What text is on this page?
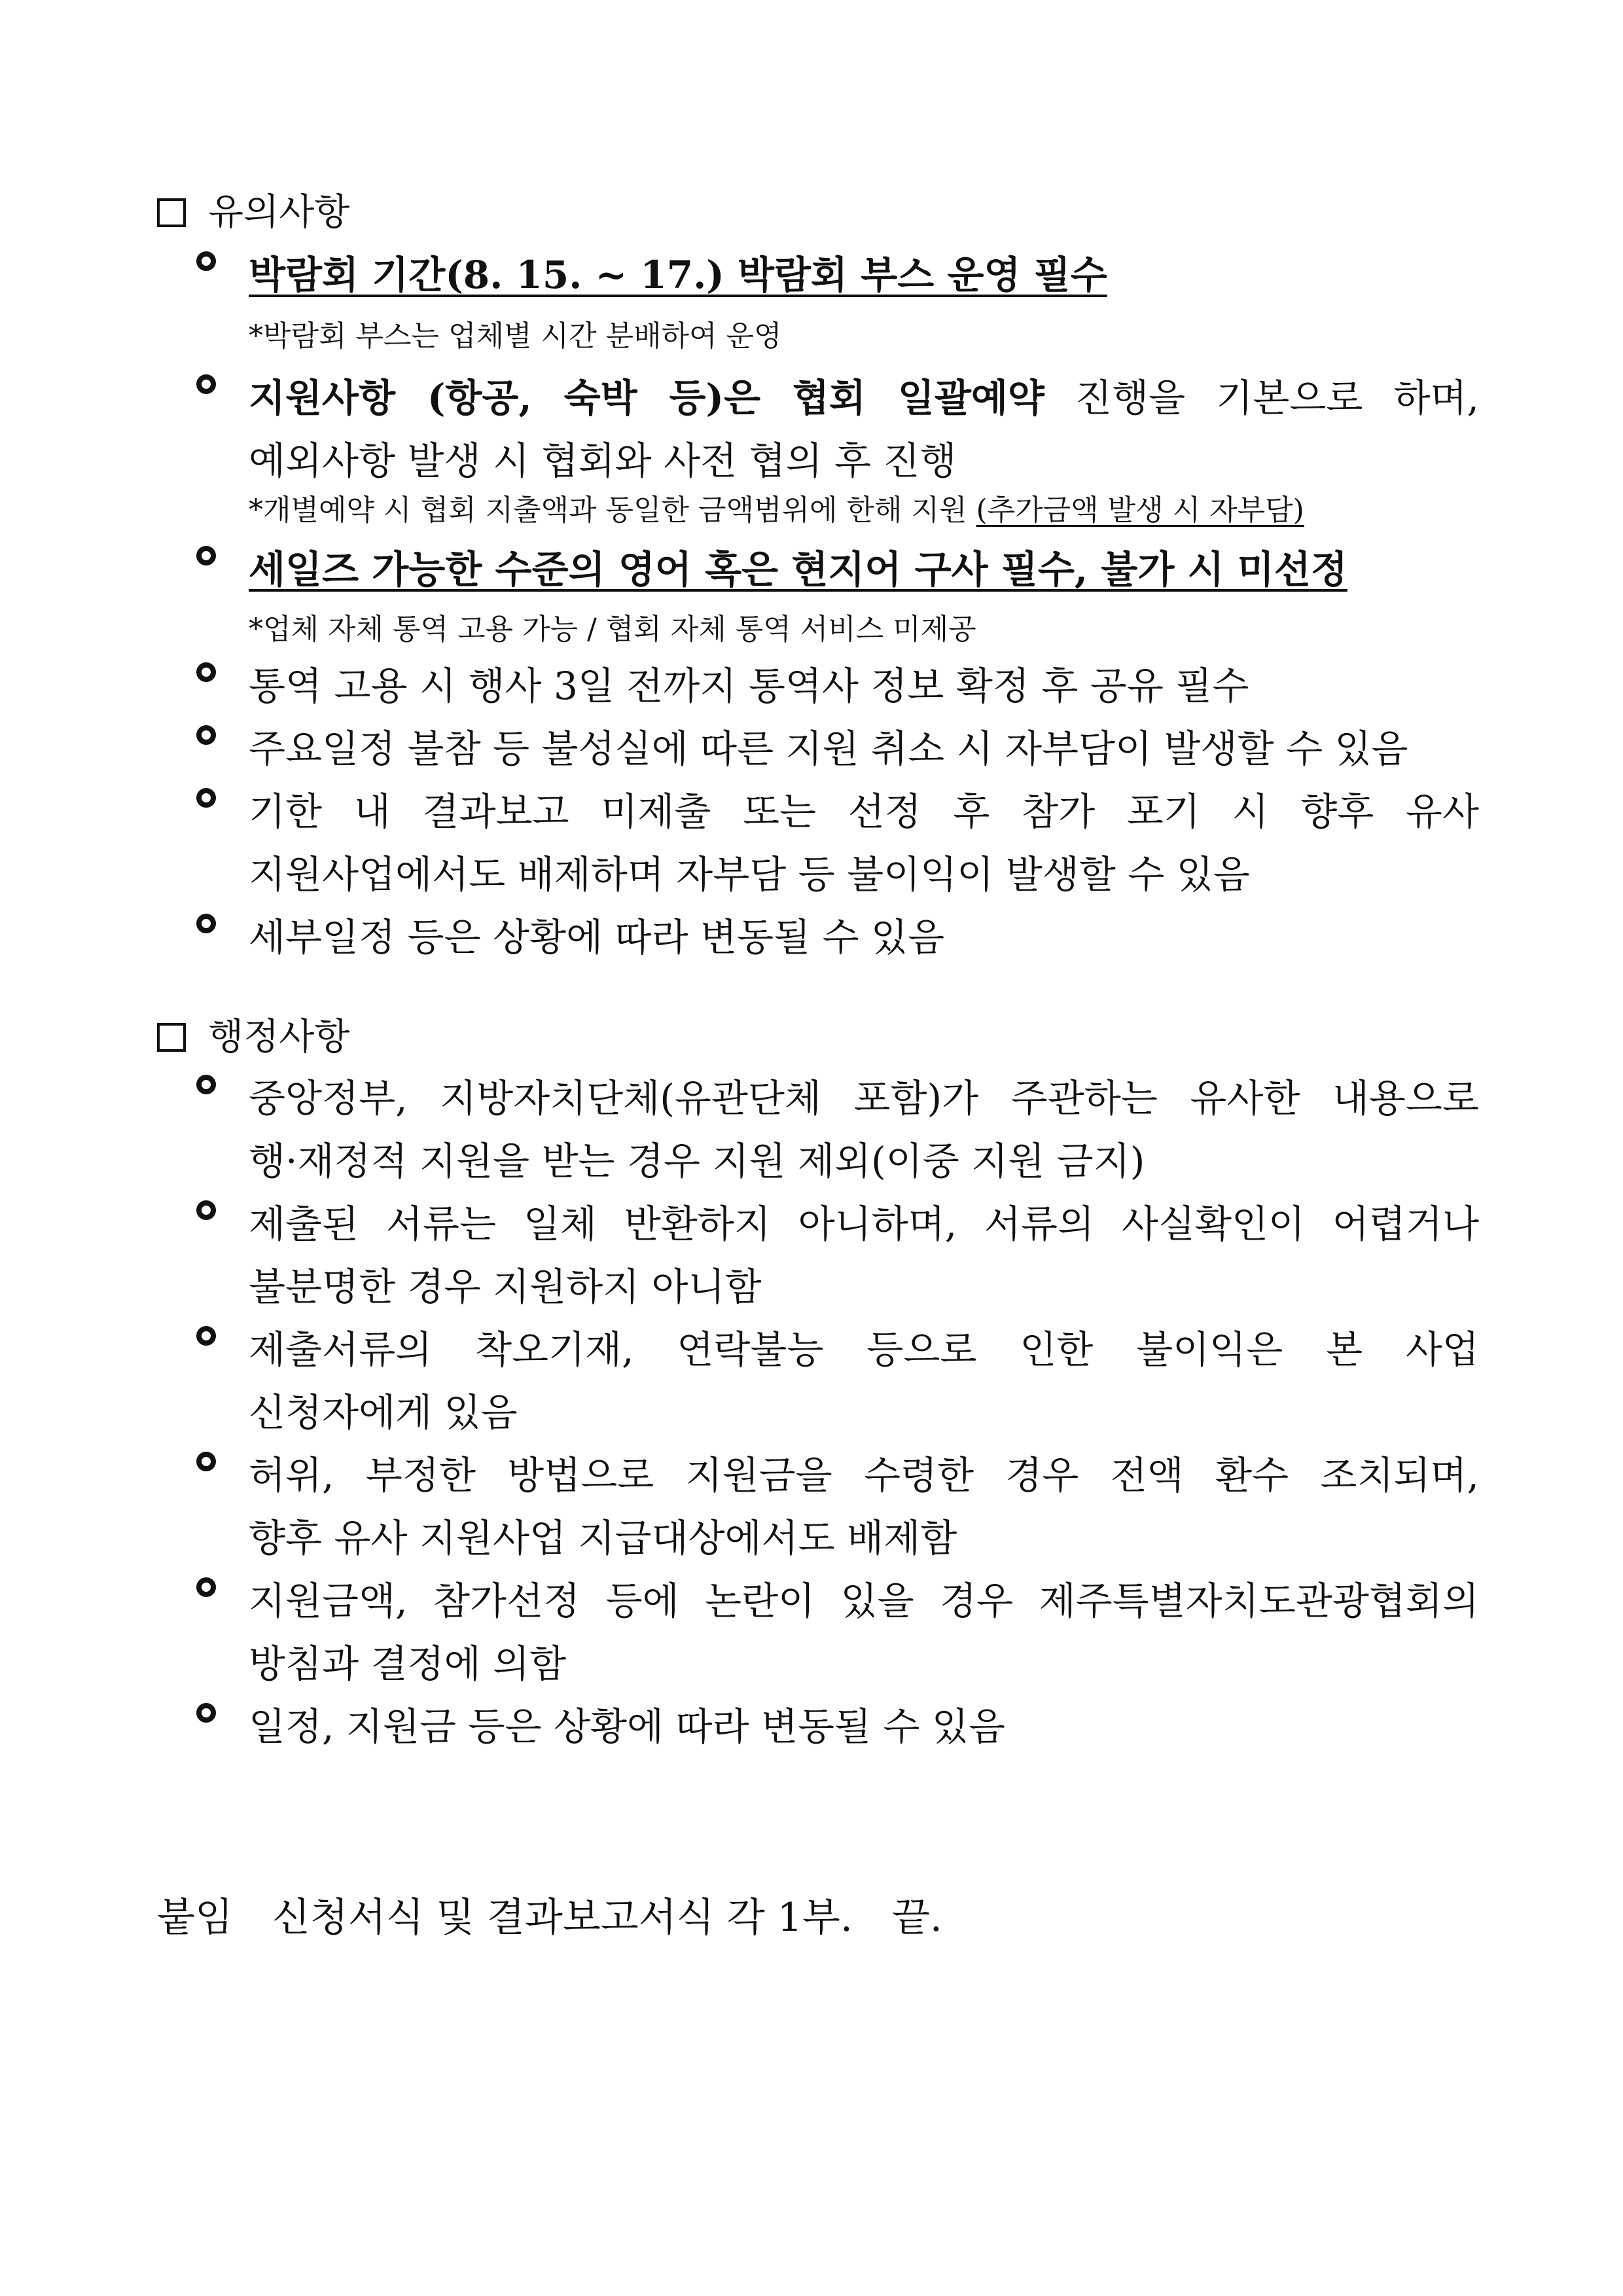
유의사항
박람회 기간(8. 15. ~ 17.) 박람회 부스 운영 필수
*박람회 부스는 업체별 시간 분배하여 운영
지원사항 (항공, 숙박 등)은 협회 일괄예약 진행을 기본으로 하며,
예외사항 발생 시 협회와 사전 협의 후 진행
*개별예약 시 협회 지출액과 동일한 금액범위에 한해 지원 (추가금액 발생 시 자부담)
세일즈 가능한 수준의 영어 혹은 현지어 구사 필수, 불가 시 미선정
*업체 자체 통역 고용 가능 / 협회 자체 통역 서비스 미제공
통역 고용 시 행사 3일 전까지 통역사 정보 확정 후 공유 필수
주요일정 불참 등 불성실에 따른 지원 취소 시 자부담이 발생할 수 있음
기한 내 결과보고 미제출 또는 선정 후 참가 포기 시 향후 유사
지원사업에서도 배제하며 자부담 등 불이익이 발생할 수 있음
세부일정 등은 상황에 따라 변동될 수 있음
행정사항
중앙정부, 지방자치단체(유관단체 포함)가 주관하는 유사한 내용으로
행·재정적 지원을 받는 경우 지원 제외(이중 지원 금지)
제출된 서류는 일체 반환하지 아니하며, 서류의 사실확인이 어렵거나
불분명한 경우 지원하지 아니함
제출서류의 착오기재, 연락불능 등으로 인한 불이익은 본 사업
신청자에게 있음
허위, 부정한 방법으로 지원금을 수령한 경우 전액 환수 조치되며,
향후 유사 지원사업 지급대상에서도 배제함
지원금액, 참가선정 등에 논란이 있을 경우 제주특별자치도관광협회의
방침과 결정에 의함
일정, 지원금 등은 상황에 따라 변동될 수 있음
붙임 신청서식 및 결과보고서식 각 1부. 끝.
